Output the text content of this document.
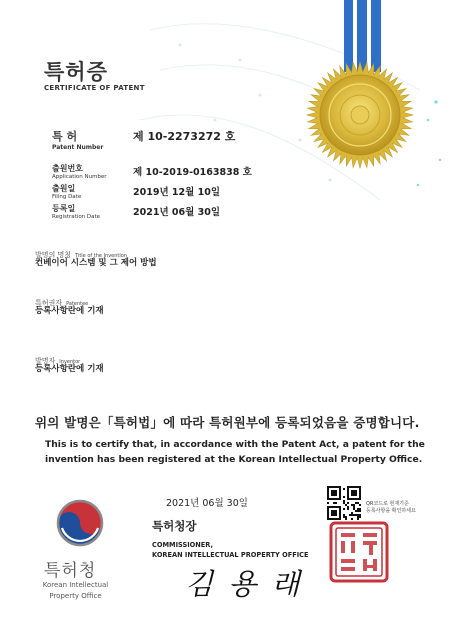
특허증
CERTIFICATE OF PATENT
특 허
Patent Number
제 10-2273272 호
출원번호
Application Number	제 10-2019-0163838 호
출원일
Filing Date	2019년 12월 10일
등록일
Registration Date	2021년 06월 30일
발명의 명칭 Title of the Invention
컨베이어 시스템 및 그 제어 방법
특허권자 Patentee
등록사항란에 기재
발명자 Inventor
등록사항란에 기재
위의 발명은「특허법」에 따라 특허원부에 등록되었음을 증명합니다.
This is to certify that, in accordance with the Patent Act, a patent for the invention has been registered at the Korean Intellectual Property Office.
2021년 06월 30일	QR코드로 현재기준
등록사항을 확인하세요
특허청
Korean Intellectual Property Office
특허청장
COMMISSIONER,
KOREAN INTELLECTUAL PROPERTY OFFICE
김 용 래
